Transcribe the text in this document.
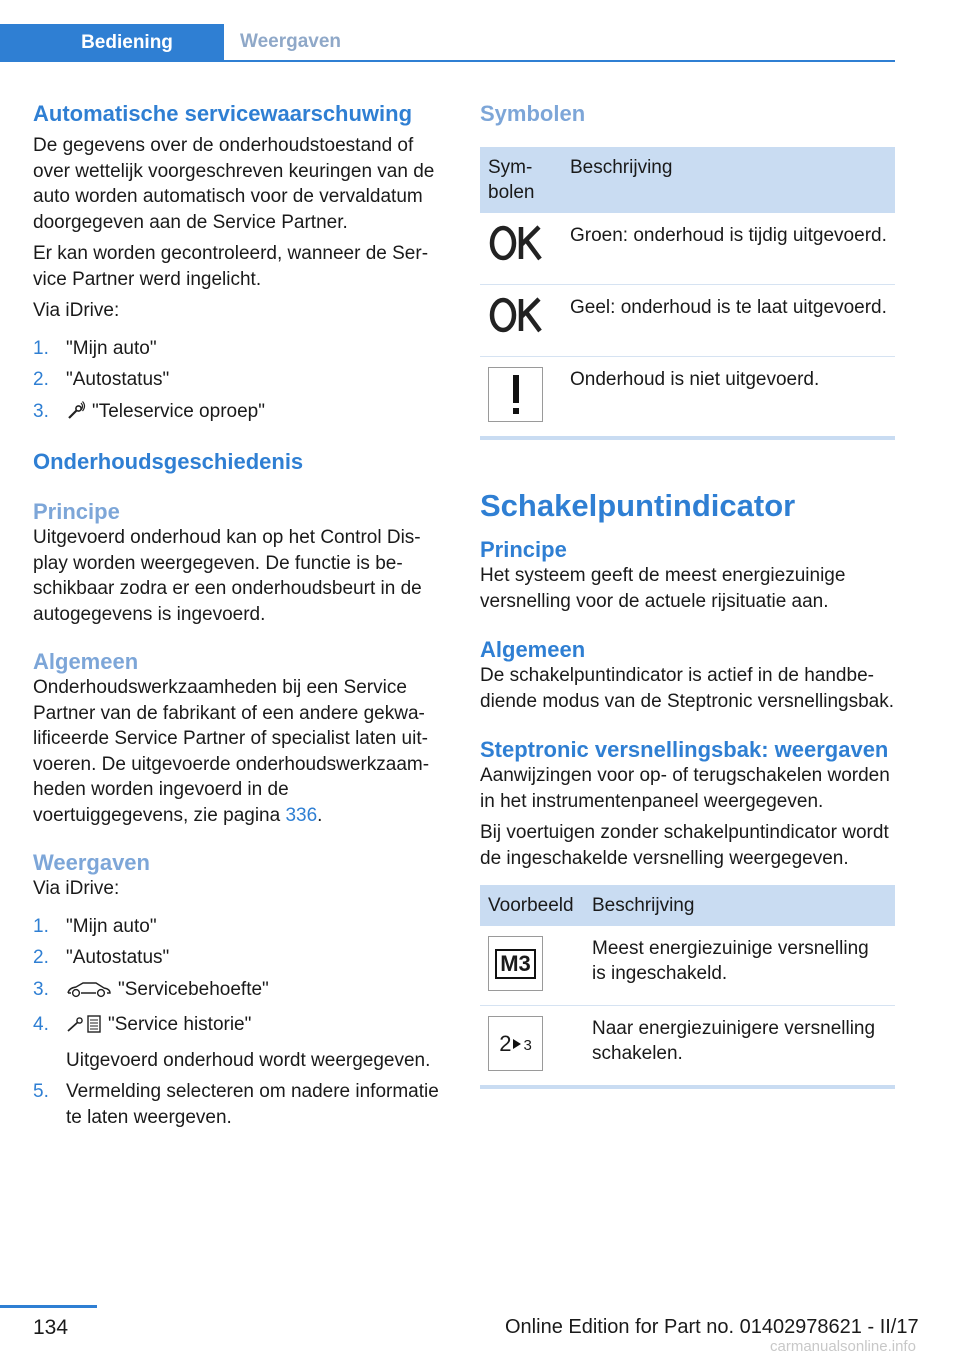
Bediening	Weergaven
Automatische servicewaarschuwing

De gegevens over de onderhoudstoestand of over wettelijk voorgeschreven keuringen van de auto worden automatisch voor de vervaldatum doorgegeven aan de Service Partner.

Er kan worden gecontroleerd, wanneer de Service Partner werd ingelicht.

Via iDrive:

1. "Mijn auto"
2. "Autostatus"
3. "Teleservice oproep"
Onderhoudsgeschiedenis
Principe

Uitgevoerd onderhoud kan op het Control Display worden weergegeven. De functie is beschikbaar zodra er een onderhoudsbeurt in de autogegevens is ingevoerd.

Algemeen

Onderhoudswerkzaamheden bij een Service Partner van de fabrikant of een andere gekwalificeerde Service Partner of specialist laten uitvoeren. De uitgevoerde onderhoudswerkzaamheden worden ingevoerd in de voertuiggegevens, zie pagina 336.

Weergaven

Via iDrive:

1. "Mijn auto"
2. "Autostatus"
3.	"Servicebehoefte"
4.	"Service historie"
Uitgevoerd onderhoud wordt weergegeven.
5. Vermelding selecteren om nadere informatie te laten weergeven.
Symbolen
Sym-
bolen	Beschrijving
	Groen: onderhoud is tijdig uitgevoerd.
	Geel: onderhoud is te laat uitgevoerd.

	Onderhoud is niet uitgevoerd.
Schakelpuntindicator
Principe

Het systeem geeft de meest energiezuinige versnelling voor de actuele rijsituatie aan.

Algemeen

De schakelpuntindicator is actief in de handbediende modus van de Steptronic versnellingsbak.

Steptronic versnellingsbak: weergaven

Aanwijzingen voor op- of terugschakelen worden in het instrumentenpaneel weergegeven.

Bij voertuigen zonder schakelpuntindicator wordt de ingeschakelde versnelling weergegeven.

Voorbeeld	Beschrijving

M3	Meest energiezuinige versnelling is ingeschakeld.

2 3	Naar energiezuinigere versnelling schakelen.
134	Online Edition for Part no. 01402978621 - II/17
carmanualsonline.info
